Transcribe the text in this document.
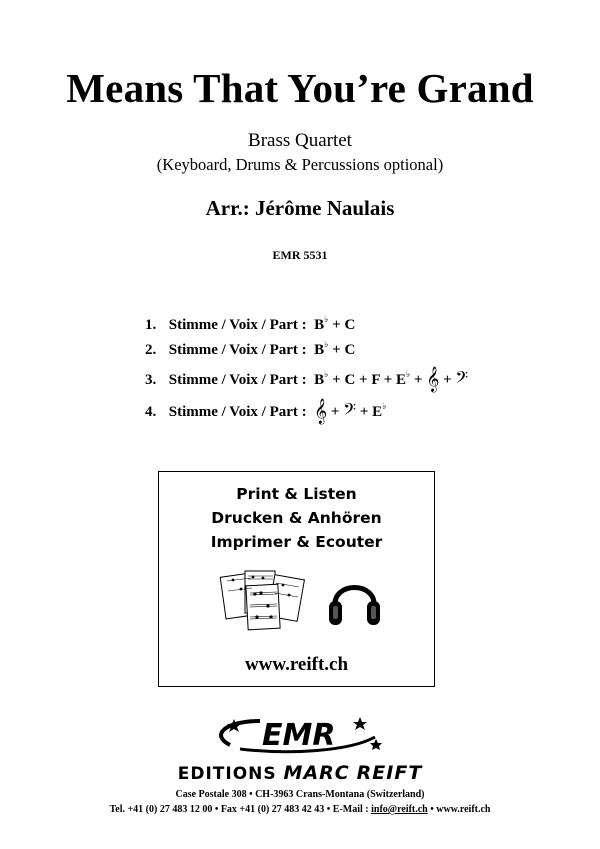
Means That You’re Grand
Brass Quartet
(Keyboard, Drums & Percussions optional)
Arr.: Jérôme Naulais
EMR 5531
1. Stimme / Voix / Part :  B♭ + C
2. Stimme / Voix / Part :  B♭ + C
3. Stimme / Voix / Part :  B♭ + C + F + E♭ + 𝄞 + 𝄢
4. Stimme / Voix / Part : 𝄞 + 𝄢 + E♭
Print & Listen
Drucken & Anhören
Imprimer & Ecouter
www.reift.ch
EMR
EDITIONS MARC REIFT
Case Postale 308 • CH-3963 Crans-Montana (Switzerland)
Tel. +41 (0) 27 483 12 00 • Fax +41 (0) 27 483 42 43 • E-Mail : info@reift.ch • www.reift.ch
